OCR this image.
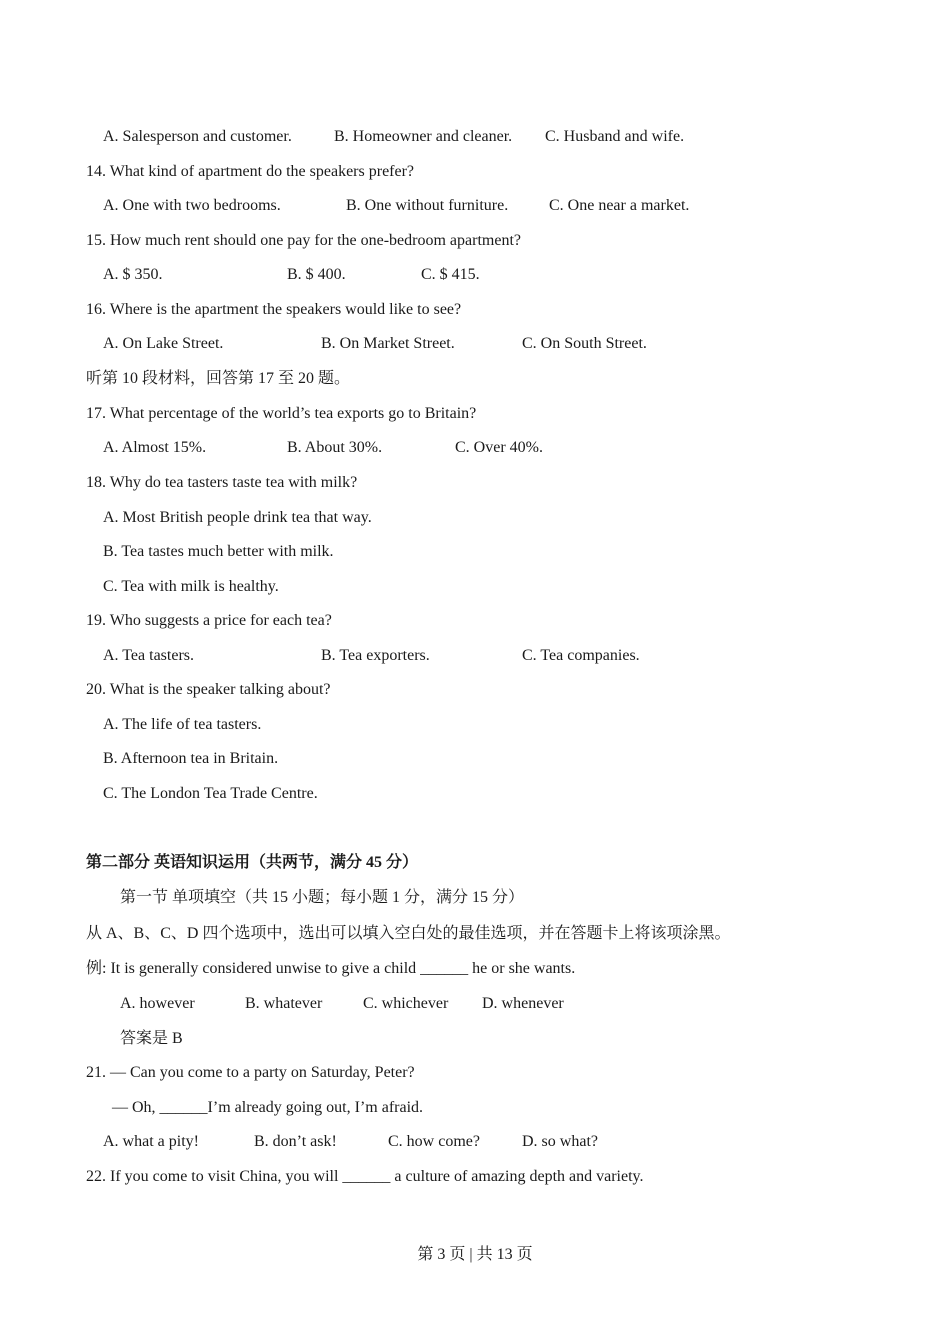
A. Salesperson and customer.	B. Homeowner and cleaner. C. Husband and wife.
14. What kind of apartment do the speakers prefer?
A. One with two bedrooms.	B. One without furniture.	C. One near a market.
15. How much rent should one pay for the one-bedroom apartment?
A. $ 350.	B. $ 400.	C. $ 415.
16. Where is the apartment the speakers would like to see?
A. On Lake Street.	B. On Market Street.	C. On South Street.
听第 10 段材料，回答第 17 至 20 题。
17. What percentage of the world’s tea exports go to Britain?
A. Almost 15%.	B. About 30%.	C. Over 40%.
18. Why do tea tasters taste tea with milk?
A. Most British people drink tea that way.
B. Tea tastes much better with milk.
C. Tea with milk is healthy.
19. Who suggests a price for each tea?
A. Tea tasters.	B. Tea exporters.	C. Tea companies.
20. What is the speaker talking about?
A. The life of tea tasters.
B. Afternoon tea in Britain.
C. The London Tea Trade Centre.
第二部分 英语知识运用（共两节，满分 45 分）
第一节 单项填空（共 15 小题；每小题 1 分，满分 15 分）
从 A、B、C、D 四个选项中，选出可以填入空白处的最佳选项，并在答题卡上将该项涂黑。
例: It is generally considered unwise to give a child ______ he or she wants.
A. however	B. whatever	C. whichever D. whenever
答案是 B
21. — Can you come to a party on Saturday, Peter?
— Oh, ______I’m already going out, I’m afraid.
A. what a pity!	B. don’t ask!	C. how come?	D. so what?
22. If you come to visit China, you will ______ a culture of amazing depth and variety.
第 3 页 | 共 13 页
